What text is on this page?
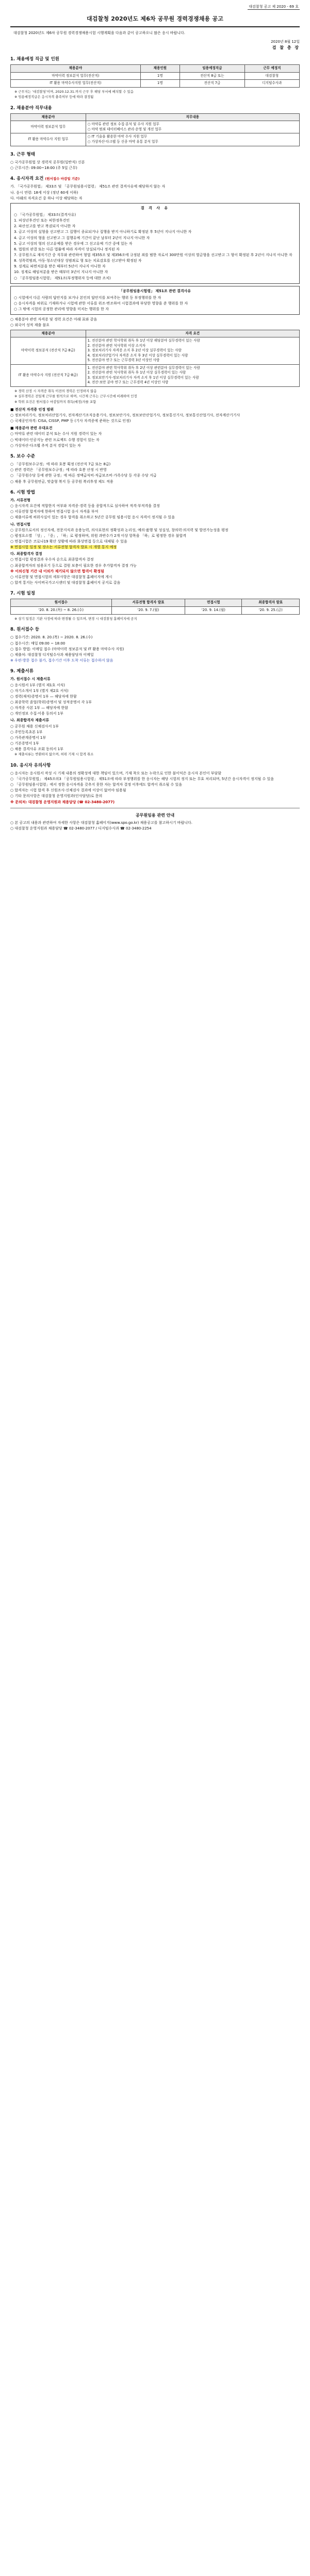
대검찰청 공고 제 2020 - 69 호
대검찰청 2020년도 제6차 공무원 경력경쟁채용 공고

대검찰청 2020년도 제6차 공무원 경력경쟁채용시험 시행계획을 다음과 같이 공고하오니 많은 응시 바랍니다.

2020년 8월 12일
검 찰 총 장
1. 채용예정 직급 및 인원
채용분야	채용인원	임용예정직급	근무 예정지
마약이력 정보분석 업무(전산직)	1명	전산직 8급 또는	대검찰청
IT 활용 마약수사지원 업무(전산직)	1명	전산직 7급	디지털수사과

※ 근무지는 ‘대검찰청’이며, 2020.12.31.까지 근무 후 해당 부서에 배치할 수 있음

※ 임용예정직급은 응시자격 충족여부 등에 따라 결정됨

2. 채용분야 직무내용
채용분야	직무내용
마약이력 정보분석 업무	○ 마약류 관련 정보 수집·분석 및 수사 지원 업무
○ 마약 범죄 데이터베이스 관리·운영 및 개선 업무
IT 활용 마약수사 지원 업무	○ IT 기술을 활용한 마약 수사 지원 업무
○ 가상자산·다크웹 등 신종 마약 유통 분석 업무
3. 근무 형태

○ 국가공무원법 상 경력직 공무원(일반직) 신분

○ 근무시간: 09:00~18:00 (주 5일 근무)

4. 응시자격 요건 (원서접수 마감일 기준)

가. 「국가공무원법」 제33조 및 「공무원임용시험령」 제51조 관련 결격사유에 해당하지 않는 자

나. 응시 연령: 18세 이상 (정년 60세 이하)

다. 아래의 자격요건 중 하나 이상 해당하는 자

결 격 사 유

○ 「국가공무원법」 제33조(결격사유)

1. 피성년후견인 또는 피한정후견인

2. 파산선고를 받고 복권되지 아니한 자

3. 금고 이상의 실형을 선고받고 그 집행이 종료되거나 집행을 받지 아니하기로 확정된 후 5년이 지나지 아니한 자

4. 금고 이상의 형을 선고받고 그 집행유예 기간이 끝난 날부터 2년이 지나지 아니한 자

5. 금고 이상의 형의 선고유예를 받은 경우에 그 선고유예 기간 중에 있는 자

6. 법원의 판결 또는 다른 법률에 따라 자격이 상실되거나 정지된 자

7. 공무원으로 재직기간 중 직무와 관련하여 형법 제355조 및 제356조에 규정된 죄를 범한 자로서 300만원 이상의 벌금형을 선고받고 그 형이 확정된 후 2년이 지나지 아니한 자

8. 성폭력범죄, 아동·청소년대상 성범죄로 형 또는 치료감호를 선고받아 확정된 자

9. 징계로 파면처분을 받은 때부터 5년이 지나지 아니한 자

10. 징계로 해임처분을 받은 때부터 3년이 지나지 아니한 자

○ 「공무원임용시험령」 제51조(부정행위자 등에 대한 조치)

「공무원임용시험령」 제51조 관련 결격사유

○ 시험에서 다른 사람의 답안지를 보거나 본인의 답안지를 보여주는 행위 등 부정행위를 한 자

○ 응시자격을 허위로 기재하거나 시험에 관한 서류를 위조·변조하여 시험결과에 부당한 영향을 준 행위를 한 자

○ 그 밖에 시험의 공정한 관리에 영향을 미치는 행위를 한 자

○ 채용분야 관련 자격증 및 경력 요건은 아래 표와 같음

○ 외국어 성적 제출 불요

채용분야	자격 요건
마약이력 정보분석 (전산직 7급·8급)	1. 전산분야 관련 학사학위 취득 후 1년 이상 해당분야 실무경력이 있는 사람
2. 전산분야 관련 석사학위 이상 소지자
3. 정보처리기사 자격증 소지 후 2년 이상 실무경력이 있는 사람
4. 정보처리산업기사 자격증 소지 후 3년 이상 실무경력이 있는 사람
5. 전산분야 연구 또는 근무경력 3년 이상인 사람
IT 활용 마약수사 지원 (전산직 7급·8급)	1. 전산분야 관련 학사학위 취득 후 2년 이상 관련분야 실무경력이 있는 사람
2. 전산분야 관련 석사학위 취득 후 1년 이상 실무경력이 있는 사람
3. 정보보안기사·정보처리기사 자격 소지 후 1년 이상 실무경력이 있는 사람
4. 전산·보안 분야 연구 또는 근무경력 4년 이상인 사람

※ 경력 산정 시 자격증 취득 이전의 경력은 인정하지 않음

※ 실무경력은 전일제 근무를 원칙으로 하며, 시간제 근무는 근무시간에 비례하여 인정

※ 학위 요건은 원서접수 마감일까지 취득(예정)자를 포함

■ 전산직 자격증 인정 범위

○ 정보처리기사, 정보처리산업기사, 전자계산기조직응용기사, 정보보안기사, 정보보안산업기사, 정보통신기사, 정보통신산업기사, 전자계산기기사

○ 국제공인자격: CISA, CISSP, PMP 등 (기사 자격증에 준하는 것으로 인정)

■ 채용분야 관련 우대요건

○ 마약류 관련 데이터 분석 또는 수사 지원 경력이 있는 자

○ 빅데이터·인공지능 관련 프로젝트 수행 경험이 있는 자

○ 가상자산·다크웹 추적 분석 경험이 있는 자

5. 보수 수준

○ 「공무원보수규정」에 따라 호봉 획정 (전산직 7급 또는 8급)

○ 관련 경력은 「공무원보수규정」에 따라 호봉 산정 시 반영

○ 「공무원수당 등에 관한 규정」에 따른 정액급식비·직급보조비·가족수당 등 각종 수당 지급

○ 채용 후 공무원연금, 맞춤형 복지 등 공무원 복리후생 제도 적용

6. 시험 방법

가. 서류전형

○ 응시자격 요건에 적합한지 여부와 자격증·경력 등을 종합적으로 심사하여 적격·부적격을 결정

○ 서류전형 합격자에 한하여 면접시험 응시 자격을 부여

○ 제출서류에 허위사실이 있는 경우 합격을 취소하고 5년간 공무원 임용시험 응시 자격이 정지될 수 있음

나. 면접시험

○ 공무원으로서의 정신자세, 전문지식과 응용능력, 의사표현의 정확성과 논리성, 예의·품행 및 성실성, 창의력·의지력 및 발전가능성을 평정

○ 평정요소별 「상」, 「중」, 「하」로 평정하며, 위원 과반수가 2개 이상 항목을 「하」로 평정한 경우 불합격

○ 면접시험은 코로나19 확산 상황에 따라 화상면접 등으로 대체될 수 있음

※ 면접시험 일정 및 장소는 서류전형 합격자 발표 시 개별 통지 예정

다. 최종합격자 결정

○ 면접시험 평정결과 우수자 순으로 최종합격자 결정

○ 최종합격자의 임용포기 등으로 결원 보충이 필요한 경우 추가합격자 결정 가능

※ 이의신청 기간 내 이의가 제기되지 않으면 합격이 확정됨

○ 서류전형 및 면접시험의 세부사항은 대검찰청 홈페이지에 게시

○ 합격 통지는 사이버국가고시센터 및 대검찰청 홈페이지 공지로 갈음

7. 시험 일정
원서접수	서류전형 합격자 발표	면접시험	최종합격자 발표
'20. 8. 20.(목) ~ 8. 26.(수)	'20. 9. 7.(월)	'20. 9. 14.(월)	'20. 9. 25.(금)

※ 상기 일정은 기관 사정에 따라 변경될 수 있으며, 변경 시 대검찰청 홈페이지에 공지

8. 원서접수 등

○ 접수기간: 2020. 8. 20.(목) ~ 2020. 8. 26.(수)

○ 접수시간: 매일 09:00 ~ 18:00

○ 접수 방법: 이메일 접수 (마약이력 정보분석 및 IT 활용 마약수사 지원)

○ 제출처: 대검찰청 디지털수사과 채용담당자 이메일

※ 우편·방문 접수 불가, 접수기간 이후 도착 서류는 접수하지 않음

9. 제출서류

가. 원서접수 시 제출서류

○ 응시원서 1부 (별지 제1호 서식)

○ 자기소개서 1부 (별지 제2호 서식)

○ 경력(재직)증명서 1부 — 해당자에 한함

○ 최종학력 졸업(학위)증명서 및 성적증명서 각 1부

○ 자격증 사본 1부 — 해당자에 한함

○ 개인정보 수집·이용 동의서 1부

나. 최종합격자 제출서류

○ 공무원 채용 신체검사서 1부

○ 주민등록초본 1부

○ 가족관계증명서 1부

○ 기본증명서 1부

○ 채용 결격사유 조회 동의서 1부

※ 제출서류는 반환하지 않으며, 허위 기재 시 합격 취소

10. 응시자 유의사항

○ 응시자는 응시원서 작성 시 기재 내용의 정확성에 대한 책임이 있으며, 기재 착오 또는 누락으로 인한 불이익은 응시자 본인이 부담함

○ 「국가공무원법」 제45조의3 「공무원임용시험령」 제51조에 따라 부정행위를 한 응시자는 해당 시험의 정지 또는 무효 처리되며, 5년간 응시자격이 정지될 수 있음

○ 「공무원임용시험령」에서 정한 응시자격을 갖추지 못한 자는 합격자 결정 이후에도 합격이 취소될 수 있음

○ 합격자는 시험 합격 후 신원조사·신체검사 결과에 이상이 없어야 임용됨

○ 기타 문의사항은 대검찰청 운영지원과(인사담당)로 문의

※ 문의처: 대검찰청 운영지원과 채용담당 (☎ 02-3480-2077)

공무원임용 관련 안내

○ 본 공고의 내용과 관련하여 자세한 사항은 대검찰청 홈페이지(www.spo.go.kr) 채용공고를 참고하시기 바랍니다.

○ 대검찰청 운영지원과 채용담당 ☎ 02-3480-2077 / 디지털수사과 ☎ 02-3480-2254
